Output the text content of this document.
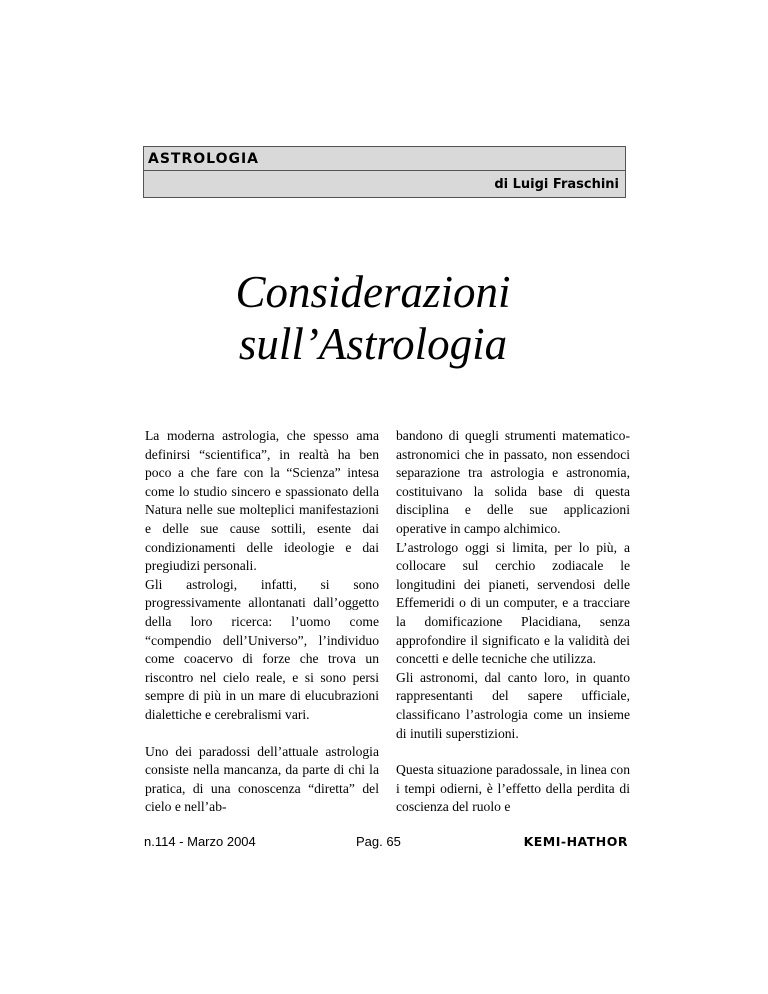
ASTROLOGIA
di Luigi Fraschini
Considerazioni
sull’Astrologia

La moderna astrologia, che spesso ama definirsi “scientifica”, in realtà ha ben poco a che fare con la “Scienza” intesa come lo studio sincero e spassionato della Natura nelle sue molteplici manifestazioni e delle sue cause sottili, esente dai condizionamenti delle ideologie e dai pregiudizi personali.

Gli astrologi, infatti, si sono progressivamente allontanati dall’oggetto della loro ricerca: l’uomo come “compendio dell’Universo”, l’individuo come coacervo di forze che trova un riscontro nel cielo reale, e si sono persi sempre di più in un mare di elucubrazioni dialettiche e cerebralismi vari.

Uno dei paradossi dell’attuale astrologia consiste nella mancanza, da parte di chi la pratica, di una conoscenza “diretta” del cielo e nell’ab-

bandono di quegli strumenti matematico-astronomici che in passato, non essendoci separazione tra astrologia e astronomia, costituivano la solida base di questa disciplina e delle sue applicazioni operative in campo alchimico.

L’astrologo oggi si limita, per lo più, a collocare sul cerchio zodiacale le longitudini dei pianeti, servendosi delle Effemeridi o di un computer, e a tracciare la domificazione Placidiana, senza approfondire il significato e la validità dei concetti e delle tecniche che utilizza.

Gli astronomi, dal canto loro, in quanto rappresentanti del sapere ufficiale, classificano l’astrologia come un insieme di inutili superstizioni.

Questa situazione paradossale, in linea con i tempi odierni, è l’effetto della perdita di coscienza del ruolo e

n.114 - Marzo 2004	Pag. 65	KEMI-HATHOR
